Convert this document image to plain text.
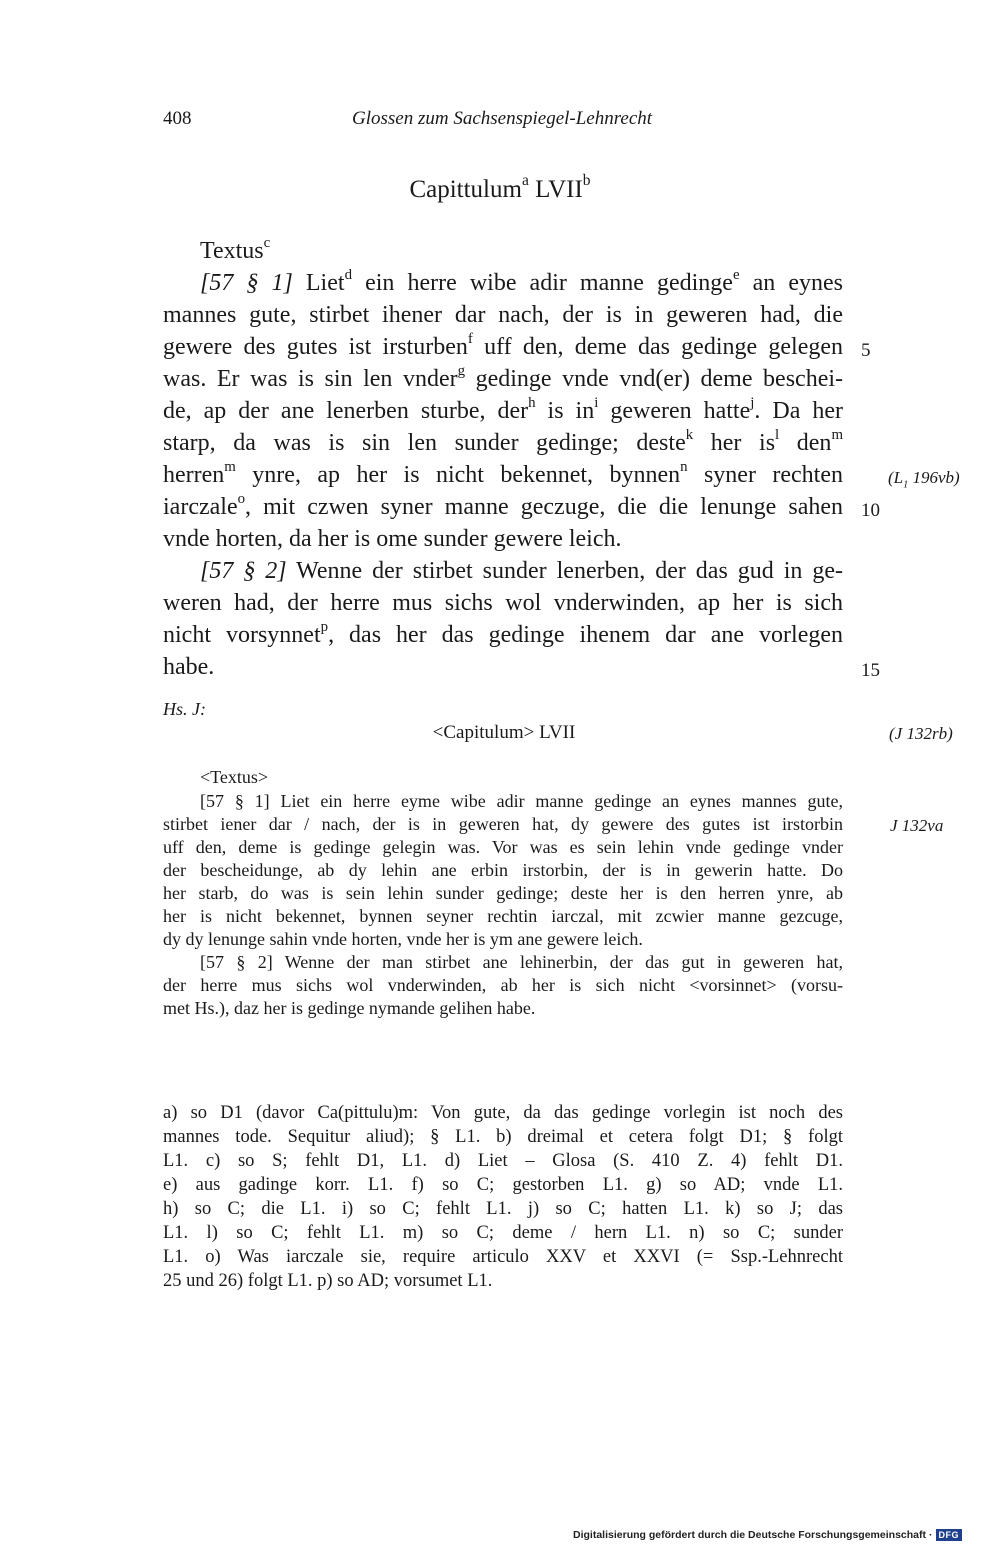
408	Glossen zum Sachsenspiegel-Lehnrecht
Capittulum$^a$ LVII$^b$
Textus$^c$
[57 § 1] Liet$^d$ ein herre wibe adir manne gedinge$^e$ an eynes
mannes gute, stirbet ihener dar nach, der is in geweren had, die
gewere des gutes ist irsturben$^f$ uff den, deme das gedinge gelegen
was. Er was is sin len vnder$^g$ gedinge vnde vnd(er) deme beschei-
de, ap der ane lenerben sturbe, der$^h$ is $in^i$ geweren hatte$^j$. Da her
starp, da was is sin len sunder gedinge; deste$^k$ her $is^l$ den$^m$
herren$^m$ ynre, ap her is nicht bekennet, bynnen$^n$ syner rechten
iarczale$^o$, mit czwen syner manne geczuge, die die lenunge sahen
vnde horten, da her is ome sunder gewere leich.
[57 § 2] Wenne der stirbet sunder lenerben, der das gud in ge-
weren had, der herre mus sichs wol vnderwinden, ap her is sich
nicht vorsynnet$^p$, das her das gedinge ihenem dar ane vorlegen
habe.
5
10
15
($L_1$ 196vb)
(J 132rb)
J 132va
Hs. J:
<Capitulum> LVII
<Textus>
[57 § 1] Liet ein herre eyme wibe adir manne gedinge an eynes mannes gute,
stirbet iener dar / nach, der is in geweren hat, dy gewere des gutes ist irstorbin
uff den, deme is gedinge gelegin was. Vor was es sein lehin vnde gedinge vnder
der bescheidunge, ab dy lehin ane erbin irstorbin, der is in gewerin hatte. Do
her starb, do was is sein lehin sunder gedinge; deste her is den herren ynre, ab
her is nicht bekennet, bynnen seyner rechtin iarczal, mit zcwier manne gezcuge,
dy dy lenunge sahin vnde horten, vnde her is ym ane gewere leich.
[57 § 2] Wenne der man stirbet ane lehinerbin, der das gut in geweren hat,
der herre mus sichs wol vnderwinden, ab her is sich nicht <vorsinnet> (vorsu-
met Hs.), daz her is gedinge nymande gelihen habe.
a) so D1 (davor Ca(pittulu)m: Von gute, da das gedinge vorlegin ist noch des
mannes tode. Sequitur aliud); § L1. b) dreimal et cetera folgt D1; § folgt
L1. c) so S; fehlt D1, L1. d) Liet – Glosa (S. 410 Z. 4) fehlt D1.
e) aus gadinge korr. L1. f) so C; gestorben L1. g) so AD; vnde L1.
h) so C; die L1. i) so C; fehlt L1. j) so C; hatten L1. k) so J; das
L1. l) so C; fehlt L1. m) so C; deme / hern L1. n) so C; sunder
L1. o) Was iarczale sie, require articulo XXV et XXVI (= Ssp.-Lehnrecht
25 und 26) folgt L1. p) so AD; vorsumet L1.
Digitalisierung gefördert durch die Deutsche Forschungsgemeinschaft · DFG
